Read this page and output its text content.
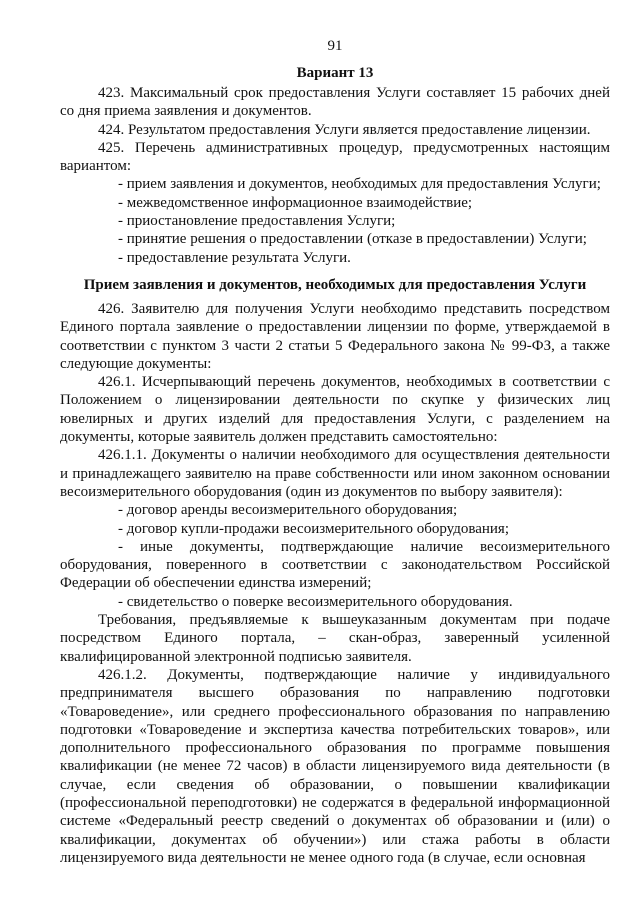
91
Вариант 13

423. Максимальный срок предоставления Услуги составляет 15 рабочих дней со дня приема заявления и документов.

424. Результатом предоставления Услуги является предоставление лицензии.

425. Перечень административных процедур, предусмотренных настоящим вариантом:

- прием заявления и документов, необходимых для предоставления Услуги;

- межведомственное информационное взаимодействие;

- приостановление предоставления Услуги;

- принятие решения о предоставлении (отказе в предоставлении) Услуги;

- предоставление результата Услуги.

Прием заявления и документов, необходимых для предоставления Услуги

426. Заявителю для получения Услуги необходимо представить посредством Единого портала заявление о предоставлении лицензии по форме, утверждаемой в соответствии с пунктом 3 части 2 статьи 5 Федерального закона № 99-ФЗ, а также следующие документы:

426.1. Исчерпывающий перечень документов, необходимых в соответствии с Положением о лицензировании деятельности по скупке у физических лиц ювелирных и других изделий для предоставления Услуги, с разделением на документы, которые заявитель должен представить самостоятельно:

426.1.1. Документы о наличии необходимого для осуществления деятельности и принадлежащего заявителю на праве собственности или ином законном основании весоизмерительного оборудования (один из документов по выбору заявителя):

- договор аренды весоизмерительного оборудования;

- договор купли-продажи весоизмерительного оборудования;

- иные документы, подтверждающие наличие весоизмерительного оборудования, поверенного в соответствии с законодательством Российской Федерации об обеспечении единства измерений;

- свидетельство о поверке весоизмерительного оборудования.

Требования, предъявляемые к вышеуказанным документам при подаче посредством Единого портала, – скан-образ, заверенный усиленной квалифицированной электронной подписью заявителя.

426.1.2. Документы, подтверждающие наличие у индивидуального предпринимателя высшего образования по направлению подготовки «Товароведение», или среднего профессионального образования по направлению подготовки «Товароведение и экспертиза качества потребительских товаров», или дополнительного профессионального образования по программе повышения квалификации (не менее 72 часов) в области лицензируемого вида деятельности (в случае, если сведения об образовании, о повышении квалификации (профессиональной переподготовки) не содержатся в федеральной информационной системе «Федеральный реестр сведений о документах об образовании и (или) о квалификации, документах об обучении») или стажа работы в области лицензируемого вида деятельности не менее одного года (в случае, если основная
